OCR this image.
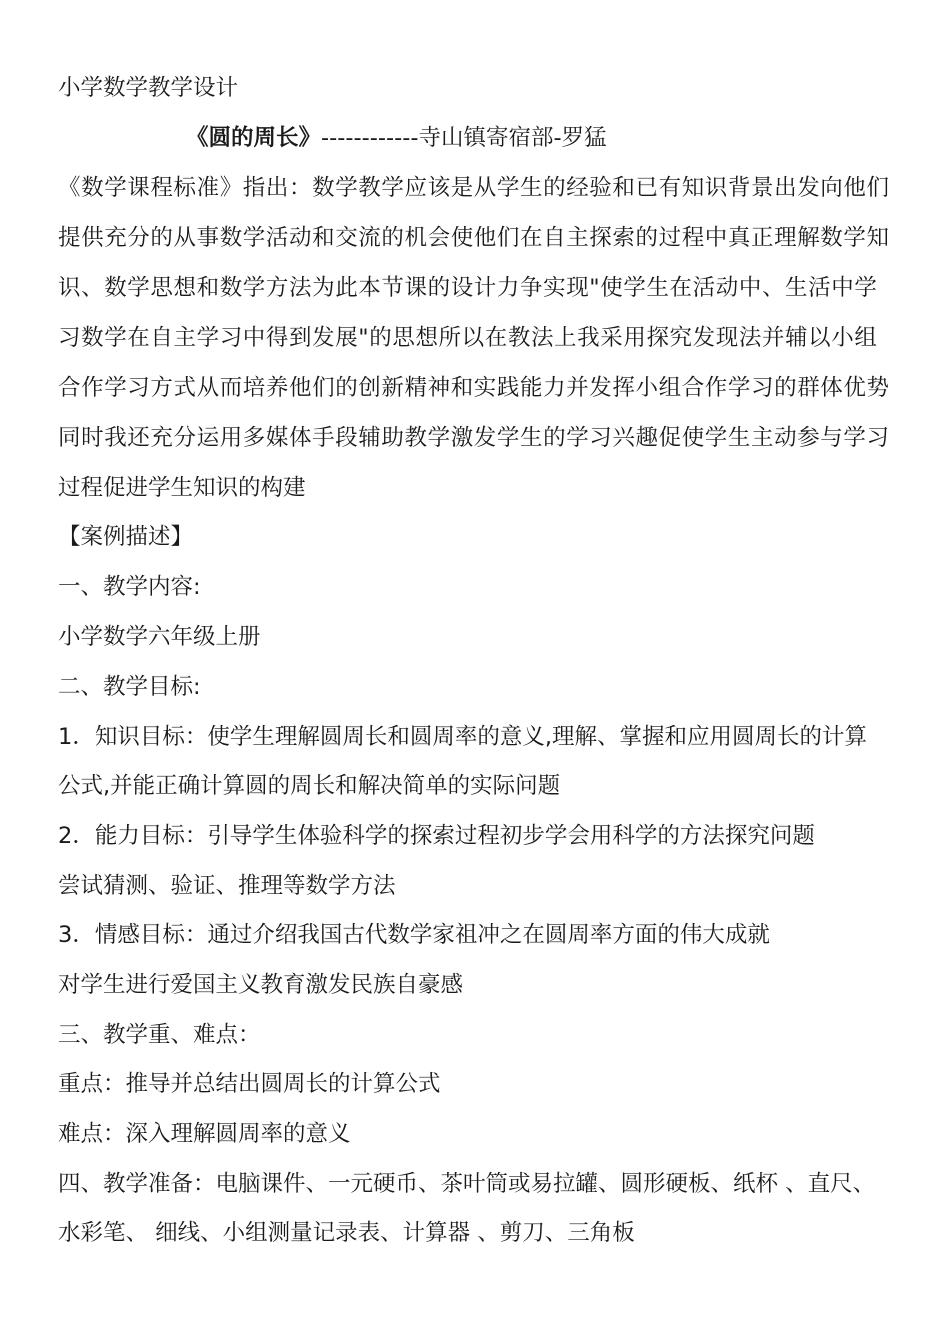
小学数学教学设计
《圆的周长》------------寺山镇寄宿部-罗猛
《数学课程标准》指出：数学教学应该是从学生的经验和已有知识背景出发向他们
提供充分的从事数学活动和交流的机会使他们在自主探索的过程中真正理解数学知
识、数学思想和数学方法为此本节课的设计力争实现"使学生在活动中、生活中学
习数学在自主学习中得到发展"的思想所以在教法上我采用探究发现法并辅以小组
合作学习方式从而培养他们的创新精神和实践能力并发挥小组合作学习的群体优势
同时我还充分运用多媒体手段辅助教学激发学生的学习兴趣促使学生主动参与学习
过程促进学生知识的构建
【案例描述】
一、教学内容:
小学数学六年级上册
二、教学目标:
1．知识目标：使学生理解圆周长和圆周率的意义,理解、掌握和应用圆周长的计算
公式,并能正确计算圆的周长和解决简单的实际问题
2．能力目标：引导学生体验科学的探索过程初步学会用科学的方法探究问题
尝试猜测、验证、推理等数学方法
3．情感目标：通过介绍我国古代数学家祖冲之在圆周率方面的伟大成就
对学生进行爱国主义教育激发民族自豪感
三、教学重、难点：
重点：推导并总结出圆周长的计算公式
难点：深入理解圆周率的意义
四、教学准备：电脑课件、一元硬币、茶叶筒或易拉罐、圆形硬板、纸杯 、直尺、
水彩笔、 细线、小组测量记录表、计算器 、剪刀、三角板
